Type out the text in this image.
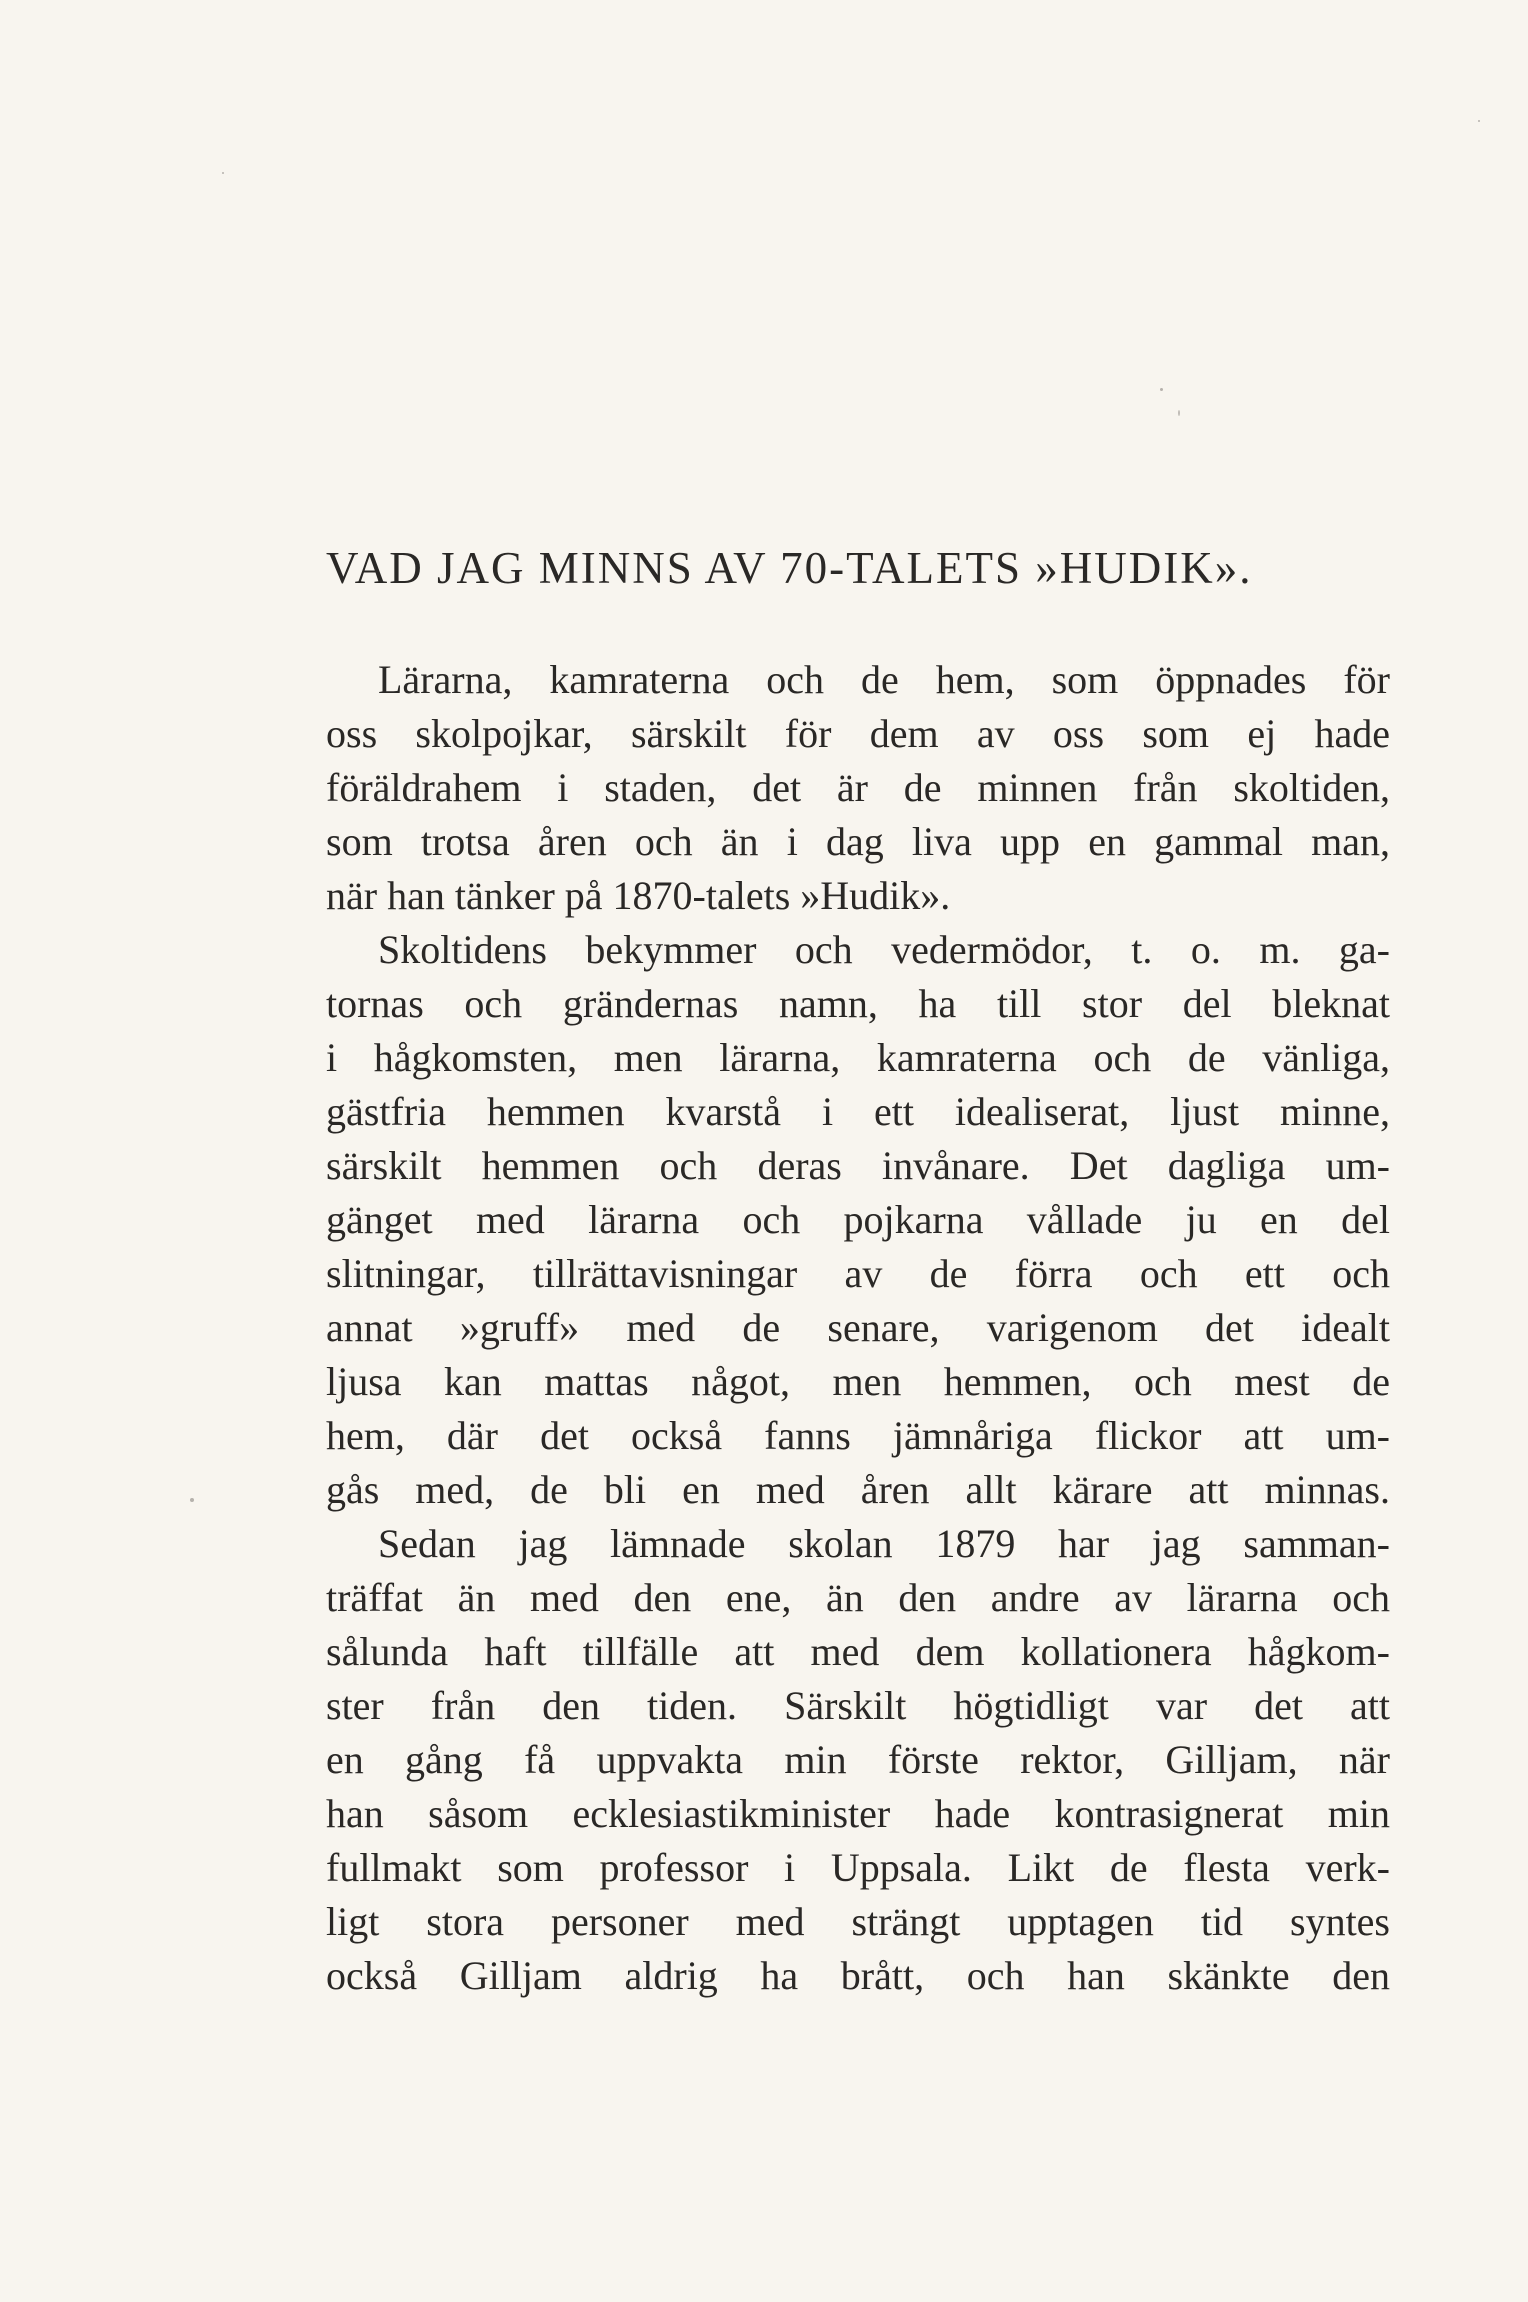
VAD JAG MINNS AV 70-TALETS »HUDIK».
Lärarna, kamraterna och de hem, som öppnades för
oss skolpojkar, särskilt för dem av oss som ej hade
föräldrahem i staden, det är de minnen från skoltiden,
som trotsa åren och än i dag liva upp en gammal man,
när han tänker på 1870-talets »Hudik».
Skoltidens bekymmer och vedermödor, t. o. m. ga-
tornas och grändernas namn, ha till stor del bleknat
i hågkomsten, men lärarna, kamraterna och de vänliga,
gästfria hemmen kvarstå i ett idealiserat, ljust minne,
särskilt hemmen och deras invånare. Det dagliga um-
gänget med lärarna och pojkarna vållade ju en del
slitningar, tillrättavisningar av de förra och ett och
annat »gruff» med de senare, varigenom det idealt
ljusa kan mattas något, men hemmen, och mest de
hem, där det också fanns jämnåriga flickor att um-
gås med, de bli en med åren allt kärare att minnas.
Sedan jag lämnade skolan 1879 har jag samman-
träffat än med den ene, än den andre av lärarna och
sålunda haft tillfälle att med dem kollationera hågkom-
ster från den tiden. Särskilt högtidligt var det att
en gång få uppvakta min förste rektor, Gilljam, när
han såsom ecklesiastikminister hade kontrasignerat min
fullmakt som professor i Uppsala. Likt de flesta verk-
ligt stora personer med strängt upptagen tid syntes
också Gilljam aldrig ha brått, och han skänkte den
